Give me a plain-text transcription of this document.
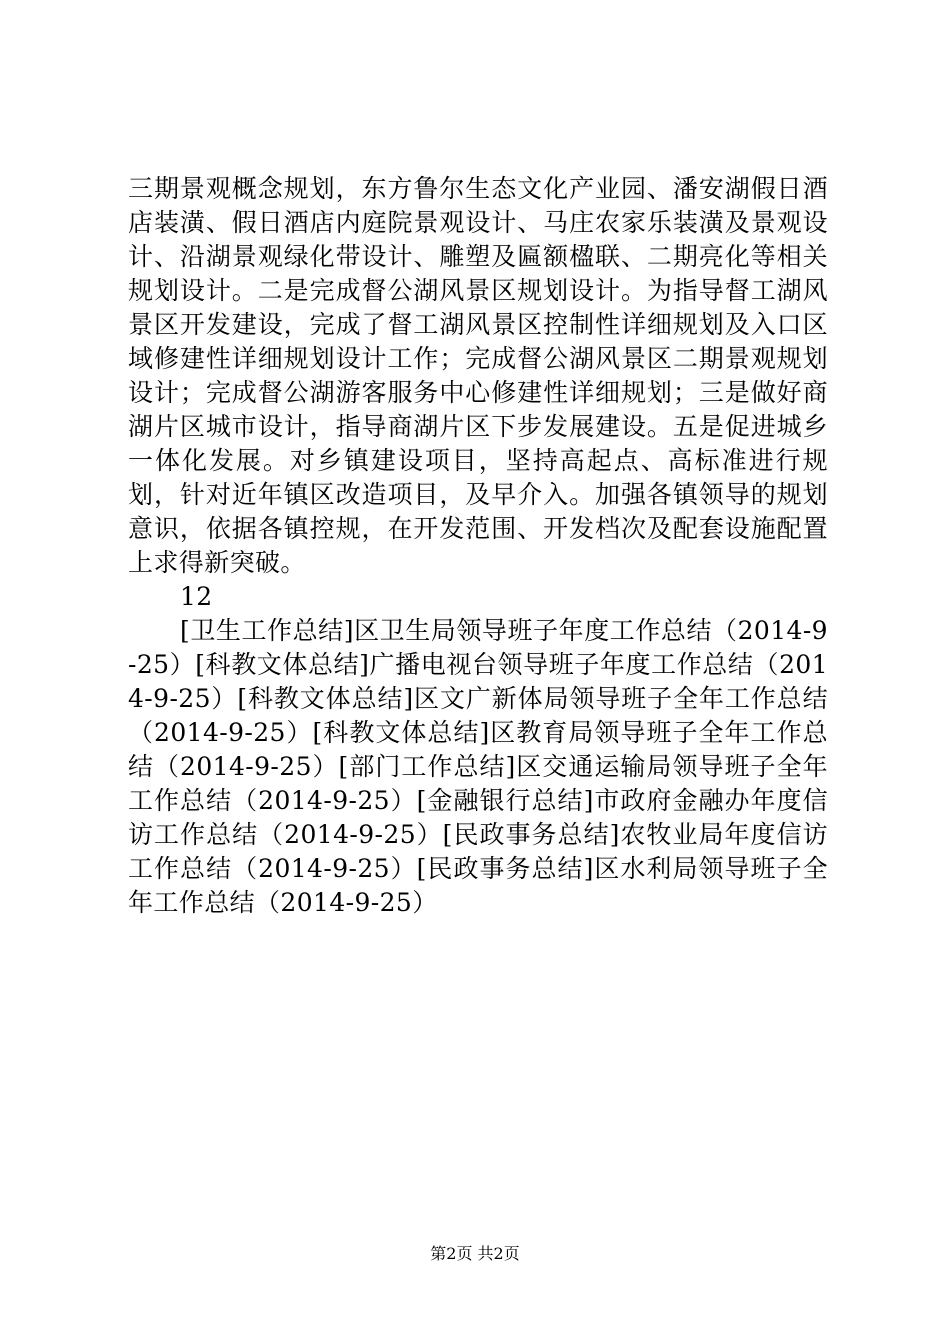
三期景观概念规划，东方鲁尔生态文化产业园、潘安湖假日酒店装潢、假日酒店内庭院景观设计、马庄农家乐装潢及景观设计、沿湖景观绿化带设计、雕塑及匾额楹联、二期亮化等相关规划设计。二是完成督公湖风景区规划设计。为指导督工湖风景区开发建设，完成了督工湖风景区控制性详细规划及入口区域修建性详细规划设计工作；完成督公湖风景区二期景观规划设计；完成督公湖游客服务中心修建性详细规划；三是做好商湖片区城市设计，指导商湖片区下步发展建设。五是促进城乡一体化发展。对乡镇建设项目，坚持高起点、高标准进行规划，针对近年镇区改造项目，及早介入。加强各镇领导的规划意识，依据各镇控规，在开发范围、开发档次及配套设施配置上求得新突破。

12

[卫生工作总结]区卫生局领导班子年度工作总结（2014-9-25）[科教文体总结]广播电视台领导班子年度工作总结（2014-9-25）[科教文体总结]区文广新体局领导班子全年工作总结（2014-9-25）[科教文体总结]区教育局领导班子全年工作总结（2014-9-25）[部门工作总结]区交通运输局领导班子全年工作总结（2014-9-25）[金融银行总结]市政府金融办年度信访工作总结（2014-9-25）[民政事务总结]农牧业局年度信访工作总结（2014-9-25）[民政事务总结]区水利局领导班子全年工作总结（2014-9-25）

第2页 共2页
